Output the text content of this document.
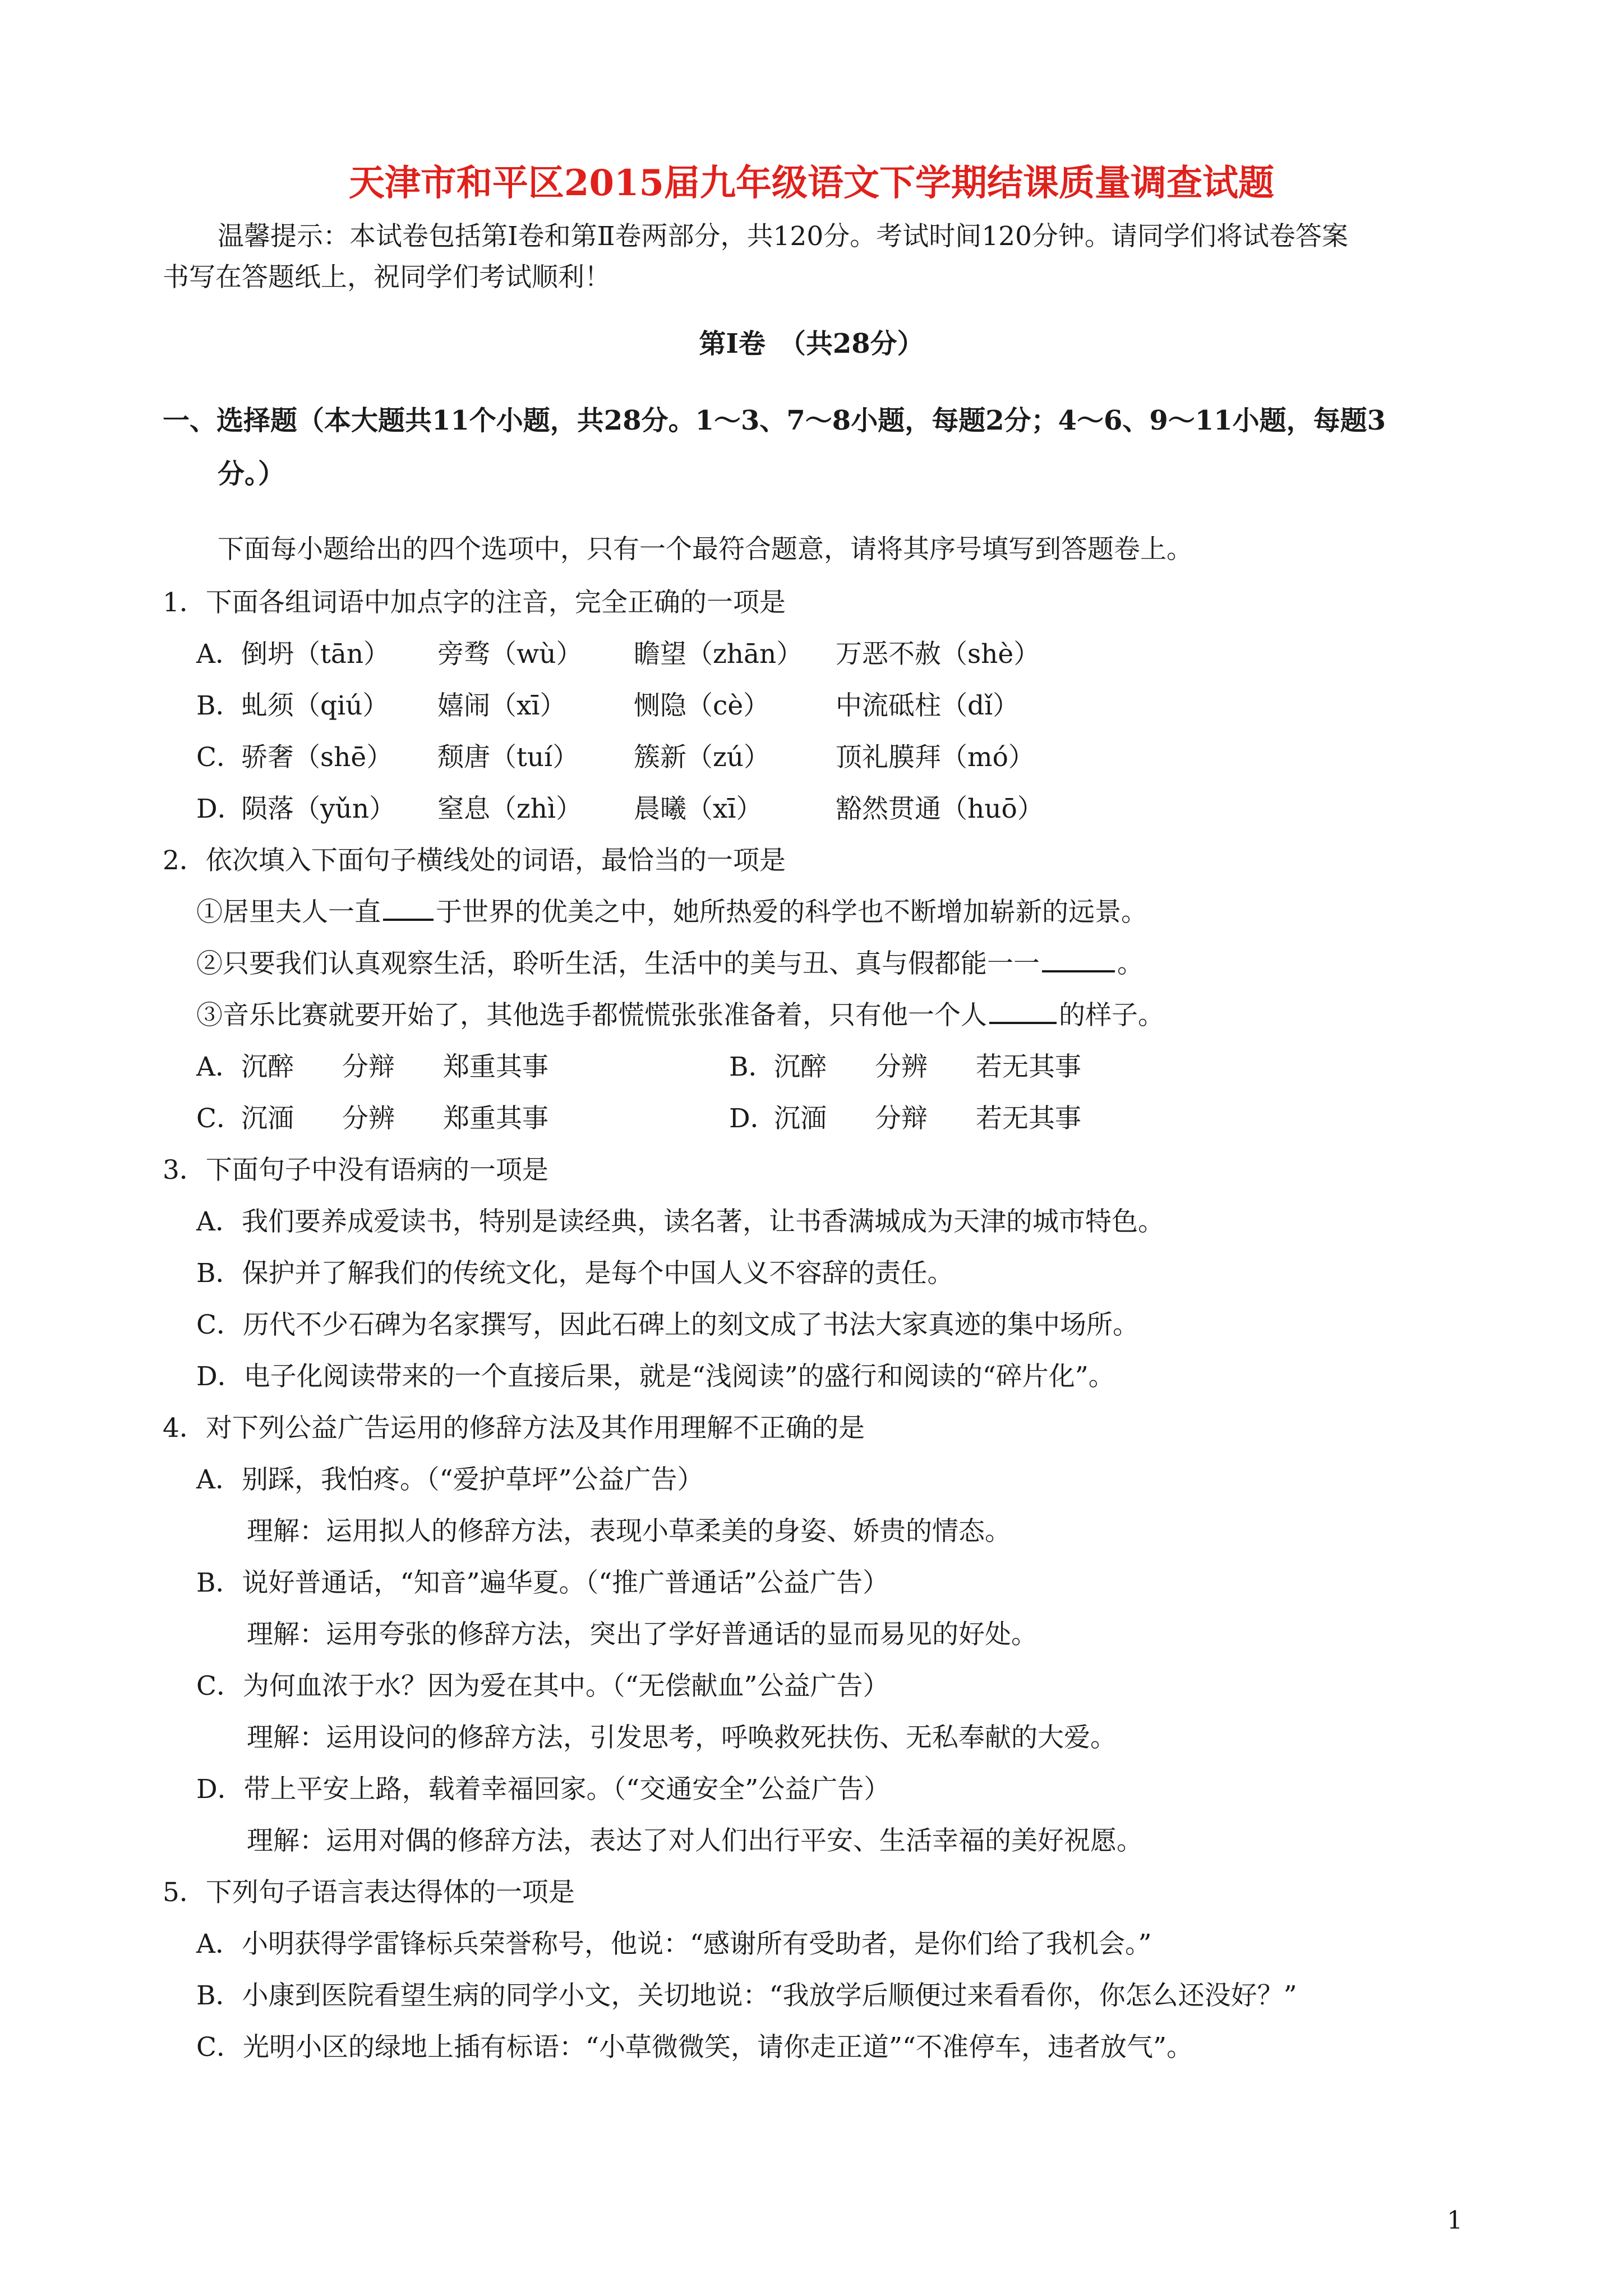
天津市和平区2015届九年级语文下学期结课质量调查试题
温馨提示：本试卷包括第Ⅰ卷和第Ⅱ卷两部分，共120分。考试时间120分钟。请同学们将试卷答案
书写在答题纸上，祝同学们考试顺利！
第Ⅰ卷　（共28分）
一、选择题（本大题共11个小题，共28分。1～3、7～8小题，每题2分；4～6、9～11小题，每题3
分。）
下面每小题给出的四个选项中，只有一个最符合题意，请将其序号填写到答题卷上。
1．下面各组词语中加点字的注音，完全正确的一项是
A．倒坍（tān） 旁骛（wù） 瞻望（zhān） 万恶不赦（shè）
B．虬须（qiú） 嬉闹（xī）	恻隐（cè）	中流砥柱（dǐ）
C．骄奢（shē） 颓唐（tuí） 簇新（zú） 顶礼膜拜（mó）
D．陨落（yǔn） 窒息（zhì） 晨曦（xī）	豁然贯通（huō）
2．依次填入下面句子横线处的词语，最恰当的一项是
①居里夫人一直 于世界的优美之中，她所热爱的科学也不断增加崭新的远景。
②只要我们认真观察生活，聆听生活，生活中的美与丑、真与假都能一一	。
③音乐比赛就要开始了，其他选手都慌慌张张准备着，只有他一个人	的样子。
A．沉醉 分辩 郑重其事	B．沉醉 分辨 若无其事
C．沉湎 分辨 郑重其事	D．沉湎 分辩 若无其事
3．下面句子中没有语病的一项是
A．我们要养成爱读书，特别是读经典，读名著，让书香满城成为天津的城市特色。
B．保护并了解我们的传统文化，是每个中国人义不容辞的责任。
C．历代不少石碑为名家撰写，因此石碑上的刻文成了书法大家真迹的集中场所。
D．电子化阅读带来的一个直接后果，就是“浅阅读”的盛行和阅读的“碎片化”。
4．对下列公益广告运用的修辞方法及其作用理解不正确的是
A．别踩，我怕疼。（“爱护草坪”公益广告）
理解：运用拟人的修辞方法，表现小草柔美的身姿、娇贵的情态。
B．说好普通话，“知音”遍华夏。（“推广普通话”公益广告）
理解：运用夸张的修辞方法，突出了学好普通话的显而易见的好处。
C．为何血浓于水？因为爱在其中。（“无偿献血”公益广告）
理解：运用设问的修辞方法，引发思考，呼唤救死扶伤、无私奉献的大爱。
D．带上平安上路，载着幸福回家。（“交通安全”公益广告）
理解：运用对偶的修辞方法，表达了对人们出行平安、生活幸福的美好祝愿。
5．下列句子语言表达得体的一项是
A．小明获得学雷锋标兵荣誉称号，他说：“感谢所有受助者，是你们给了我机会。”
B．小康到医院看望生病的同学小文，关切地说：“我放学后顺便过来看看你，你怎么还没好？”
C．光明小区的绿地上插有标语：“小草微微笑，请你走正道”“不准停车，违者放气”。
1
